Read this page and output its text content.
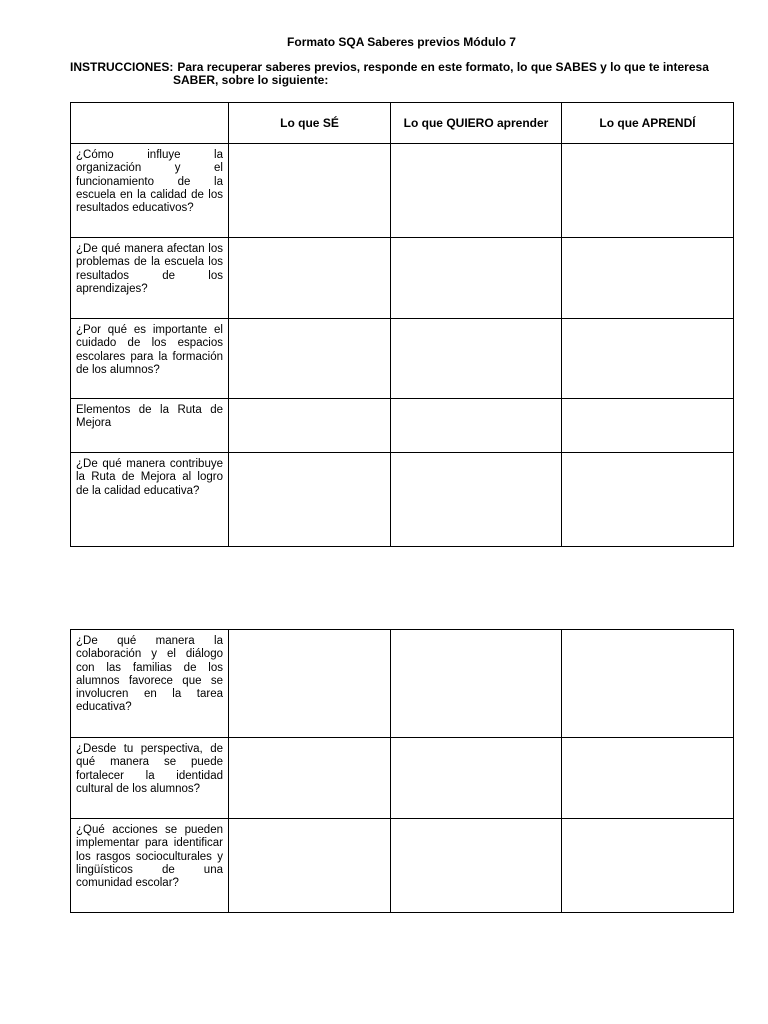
Formato SQA Saberes previos Módulo 7
INSTRUCCIONES: Para recuperar saberes previos, responde en este formato, lo que SABES y lo que te interesa
SABER, sobre lo siguiente:
	Lo que SÉ	Lo que QUIERO aprender	Lo que APRENDÍ

¿Cómo influye la organización y el funcionamiento de la escuela en la calidad de los resultados educativos?			

¿De qué manera afectan los problemas de la escuela los resultados de los aprendizajes?			

¿Por qué es importante el cuidado de los espacios escolares para la formación de los alumnos?			

Elementos de la Ruta de Mejora			

¿De qué manera contribuye la Ruta de Mejora al logro de la calidad educativa?			

¿De qué manera la colaboración y el diálogo con las familias de los alumnos favorece que se involucren en la tarea educativa?			

¿Desde tu perspectiva, de qué manera se puede fortalecer la identidad cultural de los alumnos?			

¿Qué acciones se pueden implementar para identificar los rasgos socioculturales y lingüísticos de una comunidad escolar?			
